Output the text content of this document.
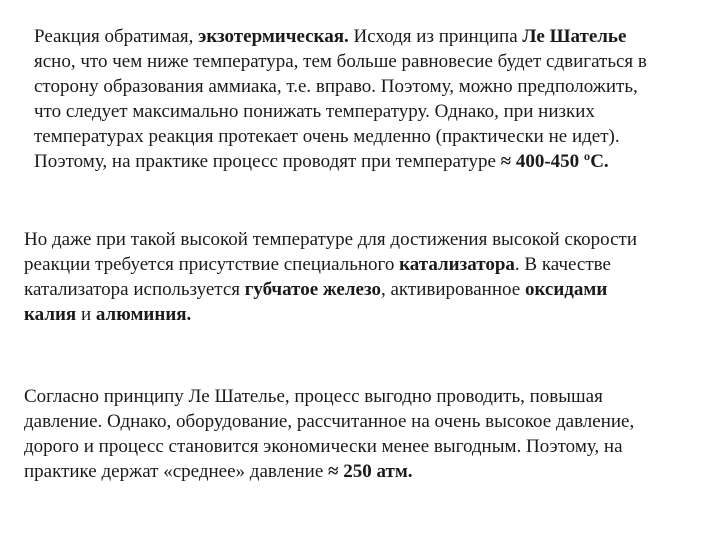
Реакция обратимая, экзотермическая. Исходя из принципа Ле Шателье
ясно, что чем ниже температура, тем больше равновесие будет сдвигаться в
сторону образования аммиака, т.е. вправо. Поэтому, можно предположить,
что следует максимально понижать температуру. Однако, при низких
температурах реакция протекает очень медленно (практически не идет).
Поэтому, на практике процесс проводят при температуре ≈ 400-450 ºС.
Но даже при такой высокой температуре для достижения высокой скорости
реакции требуется присутствие специального катализатора. В качестве
катализатора используется губчатое железо, активированное оксидами
калия и алюминия.
Согласно принципу Ле Шателье, процесс выгодно проводить, повышая
давление. Однако, оборудование, рассчитанное на очень высокое давление,
дорого и процесс становится экономически менее выгодным. Поэтому, на
практике держат «среднее» давление ≈ 250 атм.
